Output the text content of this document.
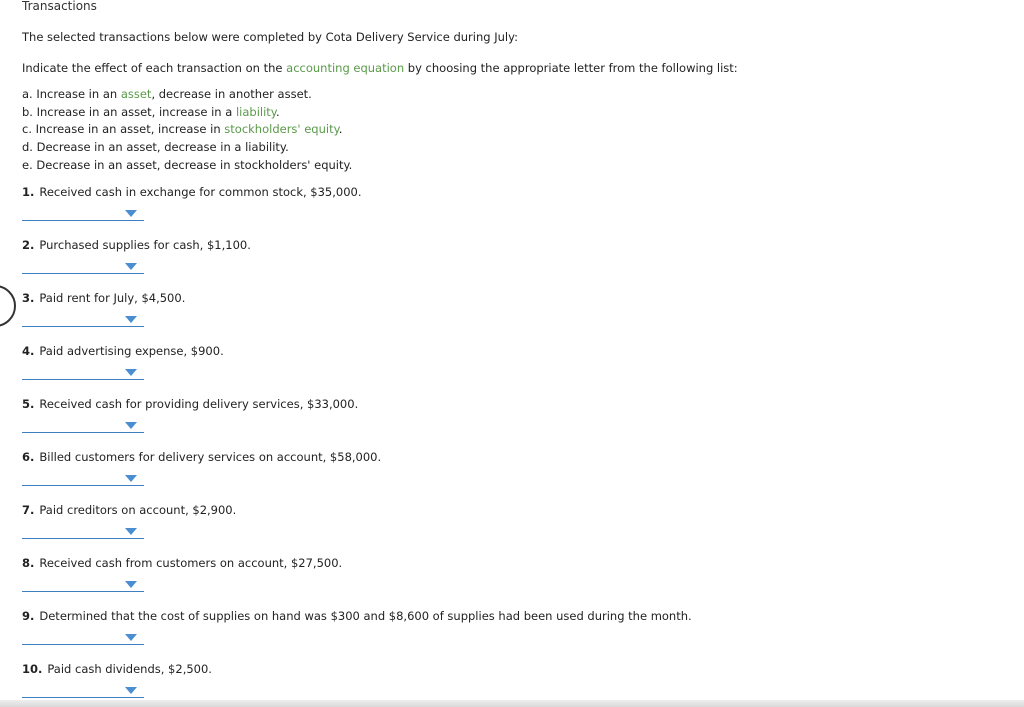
Transactions
The selected transactions below were completed by Cota Delivery Service during July:
Indicate the effect of each transaction on the accounting equation by choosing the appropriate letter from the following list:
a. Increase in an asset, decrease in another asset.
b. Increase in an asset, increase in a liability.
c. Increase in an asset, increase in stockholders' equity.
d. Decrease in an asset, decrease in a liability.
e. Decrease in an asset, decrease in stockholders' equity.
1. Received cash in exchange for common stock, $35,000.
2. Purchased supplies for cash, $1,100.
3. Paid rent for July, $4,500.
4. Paid advertising expense, $900.
5. Received cash for providing delivery services, $33,000.
6. Billed customers for delivery services on account, $58,000.
7. Paid creditors on account, $2,900.
8. Received cash from customers on account, $27,500.
9. Determined that the cost of supplies on hand was $300 and $8,600 of supplies had been used during the month.
10. Paid cash dividends, $2,500.
